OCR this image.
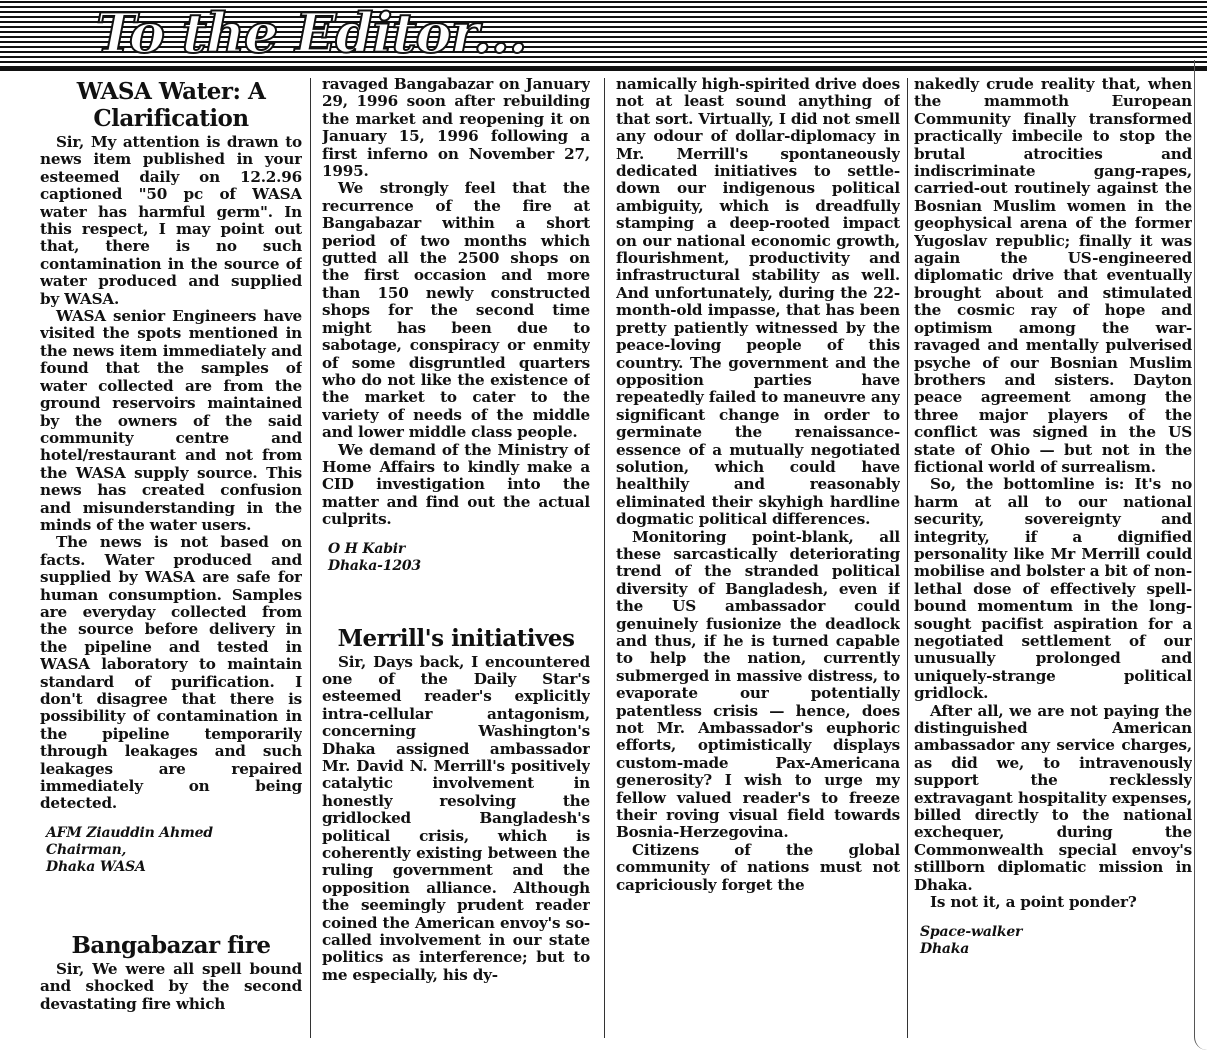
To the Editor...
WASA Water: A Clarification

Sir, My attention is drawn to news item published in your esteemed daily on 12.2.96 captioned "50 pc of WASA water has harmful germ". In this respect, I may point out that, there is no such contamination in the source of water produced and supplied by WASA.

WASA senior Engineers have visited the spots mentioned in the news item immediately and found that the samples of water collected are from the ground reservoirs maintained by the owners of the said community centre and hotel/restaurant and not from the WASA supply source. This news has created confusion and misunderstanding in the minds of the water users.

The news is not based on facts. Water produced and supplied by WASA are safe for human consumption. Samples are everyday collected from the source before delivery in the pipeline and tested in WASA laboratory to maintain standard of purification. I don't disagree that there is possibility of contamination in the pipeline temporarily through leakages and such leakages are repaired immediately on being detected.

AFM Ziauddin Ahmed
Chairman,
Dhaka WASA
Bangabazar fire

Sir, We were all spell bound and shocked by the second devastating fire which

ravaged Bangabazar on January 29, 1996 soon after rebuilding the market and reopening it on January 15, 1996 following a first inferno on November 27, 1995.

We strongly feel that the recurrence of the fire at Bangabazar within a short period of two months which gutted all the 2500 shops on the first occasion and more than 150 newly constructed shops for the second time might has been due to sabotage, conspiracy or enmity of some disgruntled quarters who do not like the existence of the market to cater to the variety of needs of the middle and lower middle class people.

We demand of the Ministry of Home Affairs to kindly make a CID investigation into the matter and find out the actual culprits.

O H Kabir
Dhaka-1203
Merrill's initiatives

Sir, Days back, I encountered one of the Daily Star's esteemed reader's explicitly intra-cellular antagonism, concerning Washington's Dhaka assigned ambassador Mr. David N. Merrill's positively catalytic involvement in honestly resolving the gridlocked Bangladesh's political crisis, which is coherently existing between the ruling government and the opposition alliance. Although the seemingly prudent reader coined the American envoy's so-called involvement in our state politics as interference; but to me especially, his dy-

namically high-spirited drive does not at least sound anything of that sort. Virtually, I did not smell any odour of dollar-diplomacy in Mr. Merrill's spontaneously dedicated initiatives to settle-down our indigenous political ambiguity, which is dreadfully stamping a deep-rooted impact on our national economic growth, flourishment, productivity and infrastructural stability as well. And unfortunately, during the 22-month-old impasse, that has been pretty patiently witnessed by the peace-loving people of this country. The government and the opposition parties have repeatedly failed to maneuvre any significant change in order to germinate the renaissance-essence of a mutually negotiated solution, which could have healthily and reasonably eliminated their skyhigh hardline dogmatic political differences.

Monitoring point-blank, all these sarcastically deteriorating trend of the stranded political diversity of Bangladesh, even if the US ambassador could genuinely fusionize the deadlock and thus, if he is turned capable to help the nation, currently submerged in massive distress, to evaporate our potentially patentless crisis — hence, does not Mr. Ambassador's euphoric efforts, optimistically displays custom-made Pax-Americana generosity? I wish to urge my fellow valued reader's to freeze their roving visual field towards Bosnia-Herzegovina.

Citizens of the global community of nations must not capriciously forget the

nakedly crude reality that, when the mammoth European Community finally transformed practically imbecile to stop the brutal atrocities and indiscriminate gang-rapes, carried-out routinely against the Bosnian Muslim women in the geophysical arena of the former Yugoslav republic; finally it was again the US-engineered diplomatic drive that eventually brought about and stimulated the cosmic ray of hope and optimism among the war-ravaged and mentally pulverised psyche of our Bosnian Muslim brothers and sisters. Dayton peace agreement among the three major players of the conflict was signed in the US state of Ohio — but not in the fictional world of surrealism.

So, the bottomline is: It's no harm at all to our national security, sovereignty and integrity, if a dignified personality like Mr Merrill could mobilise and bolster a bit of non-lethal dose of effectively spell-bound momentum in the long-sought pacifist aspiration for a negotiated settlement of our unusually prolonged and uniquely-strange political gridlock.

After all, we are not paying the distinguished American ambassador any service charges, as did we, to intravenously support the recklessly extravagant hospitality expenses, billed directly to the national exchequer, during the Commonwealth special envoy's stillborn diplomatic mission in Dhaka.

Is not it, a point ponder?

Space-walker
Dhaka
